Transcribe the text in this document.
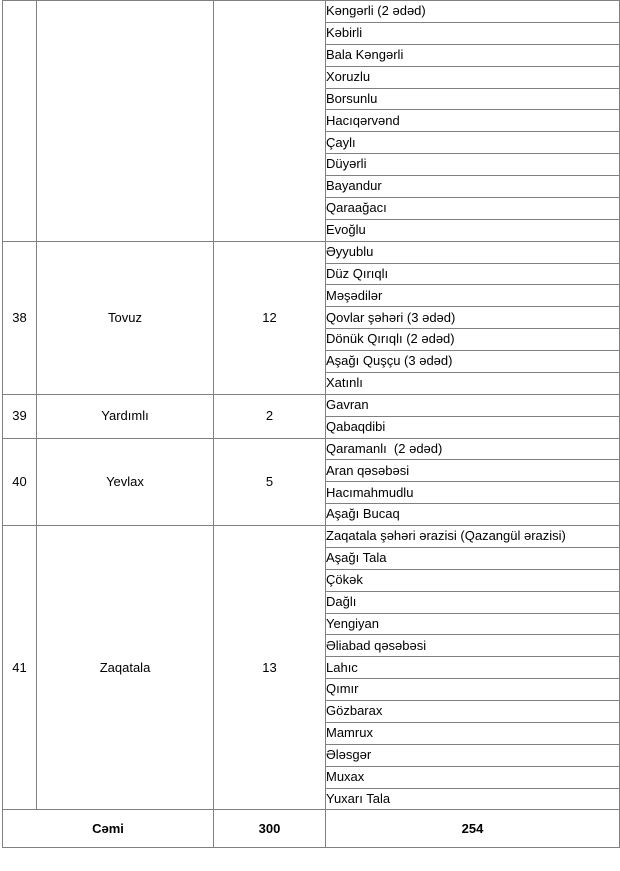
			Kəngərli (2 ədəd)
			Kəbirli
			Bala Kəngərli
			Xoruzlu
			Borsunlu
			Hacıqərvənd
			Çaylı
			Düyərli
			Bayandur
			Qaraağacı
			Evoğlu
38	Tovuz	12	Əyyublu
			Düz Qırıqlı
			Məşədilər
			Qovlar şəhəri (3 ədəd)
			Dönük Qırıqlı (2 ədəd)
			Aşağı Quşçu (3 ədəd)
			Xatınlı
39	Yardımlı	2	Gavran
			Qabaqdibi
40	Yevlax	5	Qaramanlı  (2 ədəd)
			Aran qəsəbəsi
			Hacımahmudlu
			Aşağı Bucaq
41	Zaqatala	13	Zaqatala şəhəri ərazisi (Qazangül ərazisi)
			Aşağı Tala
			Çökək
			Dağlı
			Yengiyan
			Əliabad qəsəbəsi
			Lahıc
			Qımır
			Gözbarax
			Mamrux
			Ələsgər
			Muxax
			Yuxarı Tala
Cəmi		300	254
